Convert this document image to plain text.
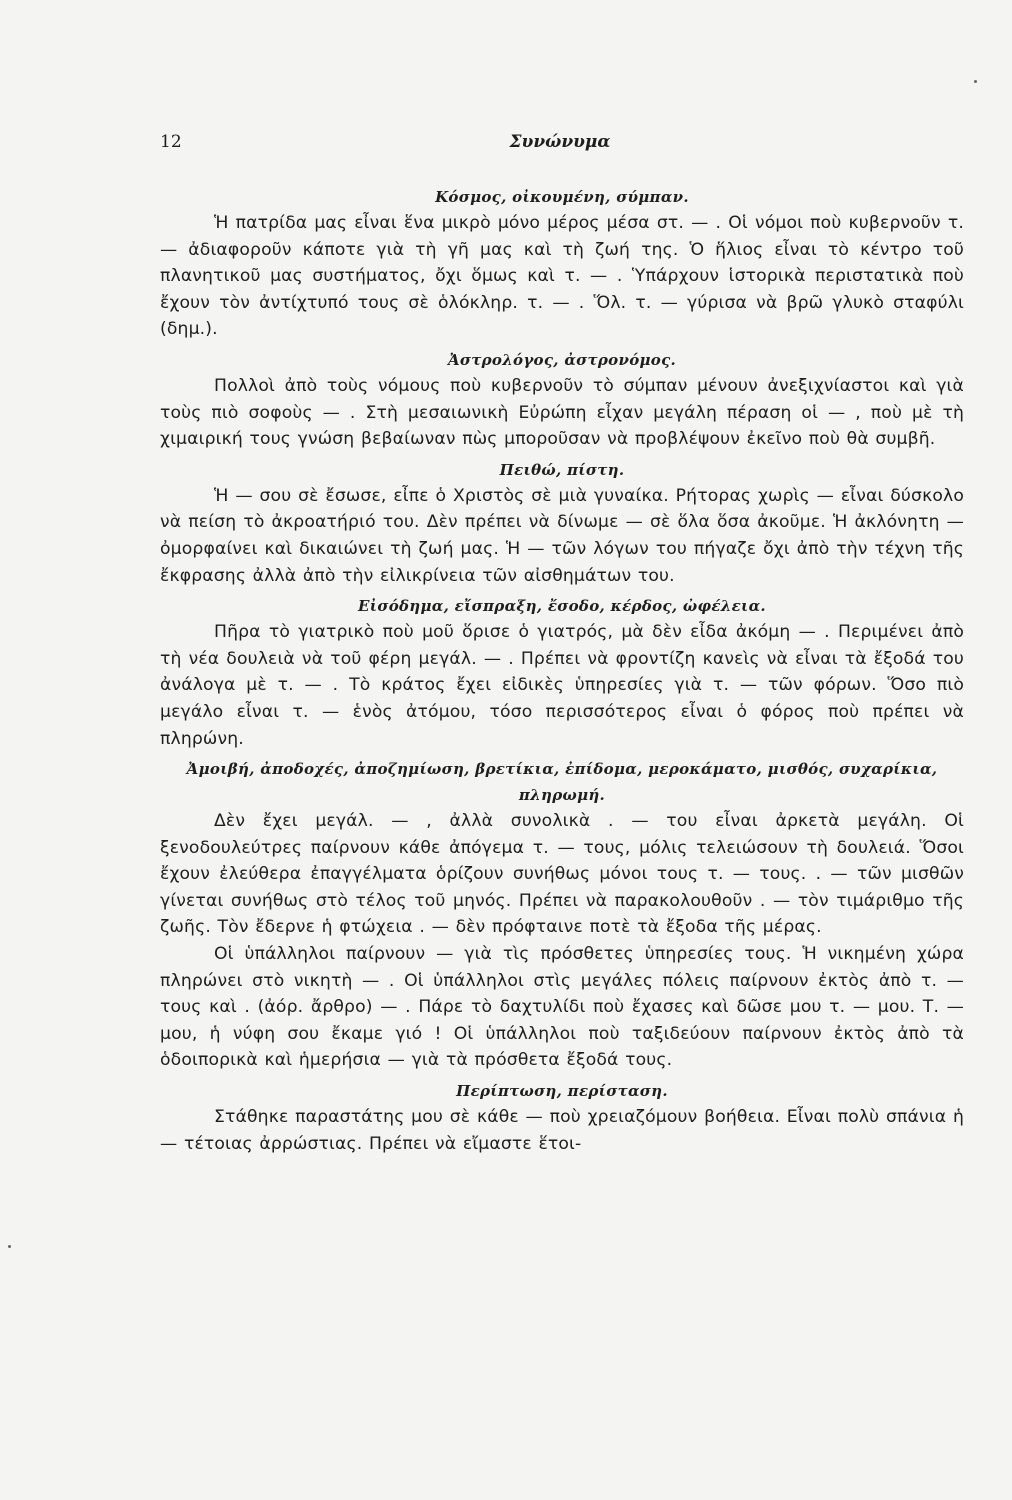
12	Συνώνυμα
Κόσμος, οἰκουμένη, σύμπαν.

Ἡ πατρίδα μας εἶναι ἕνα μικρὸ μόνο μέρος μέσα στ. — . Οἱ νόμοι ποὺ κυβερνοῦν τ. — ἀδιαφοροῦν κάποτε γιὰ τὴ γῆ μας καὶ τὴ ζωή της. Ὁ ἥλιος εἶναι τὸ κέντρο τοῦ πλανητικοῦ μας συστήματος, ὄχι ὅμως καὶ τ. — . Ὑπάρχουν ἱστορικὰ περιστατικὰ ποὺ ἔχουν τὸν ἀντίχτυπό τους σὲ ὁλόκληρ. τ. — . Ὅλ. τ. — γύρισα νὰ βρῶ γλυκὸ σταφύλι (δημ.).

Ἀστρολόγος, ἀστρονόμος.

Πολλοὶ ἀπὸ τοὺς νόμους ποὺ κυβερνοῦν τὸ σύμπαν μένουν ἀνεξιχνίαστοι καὶ γιὰ τοὺς πιὸ σοφοὺς — . Στὴ μεσαιωνικὴ Εὐρώπη εἶχαν μεγάλη πέραση οἱ — , ποὺ μὲ τὴ χιμαιρική τους γνώση βεβαίωναν πὼς μποροῦσαν νὰ προβλέψουν ἐκεῖνο ποὺ θὰ συμβῆ.

Πειθώ, πίστη.

Ἡ — σου σὲ ἔσωσε, εἶπε ὁ Χριστὸς σὲ μιὰ γυναίκα. Ρήτορας χωρὶς — εἶναι δύσκολο νὰ πείση τὸ ἀκροατήριό του. Δὲν πρέπει νὰ δίνωμε — σὲ ὅλα ὅσα ἀκοῦμε. Ἡ ἀκλόνητη — ὀμορφαίνει καὶ δικαιώνει τὴ ζωή μας. Ἡ — τῶν λόγων του πήγαζε ὄχι ἀπὸ τὴν τέχνη τῆς ἔκφρασης ἀλλὰ ἀπὸ τὴν εἰλικρίνεια τῶν αἰσθημάτων του.

Εἰσόδημα, εἴσπραξη, ἔσοδο, κέρδος, ὠφέλεια.

Πῆρα τὸ γιατρικὸ ποὺ μοῦ ὅρισε ὁ γιατρός, μὰ δὲν εἶδα ἀκόμη — . Περιμένει ἀπὸ τὴ νέα δουλειὰ νὰ τοῦ φέρη μεγάλ. — . Πρέπει νὰ φροντίζη κανεὶς νὰ εἶναι τὰ ἔξοδά του ἀνάλογα μὲ τ. — . Τὸ κράτος ἔχει εἰδικὲς ὑπηρεσίες γιὰ τ. — τῶν φόρων. Ὅσο πιὸ μεγάλο εἶναι τ. — ἑνὸς ἀτόμου, τόσο περισσότερος εἶναι ὁ φόρος ποὺ πρέπει νὰ πληρώνη.

Ἀμοιβή, ἀποδοχές, ἀποζημίωση, βρετίκια, ἐπίδομα, μεροκάματο, μισθός, συχαρίκια, πληρωμή.

Δὲν ἔχει μεγάλ. — , ἀλλὰ συνολικὰ . — του εἶναι ἀρκετὰ μεγάλη. Οἱ ξενοδουλεύτρες παίρνουν κάθε ἀπόγεμα τ. — τους, μόλις τελειώσουν τὴ δουλειά. Ὅσοι ἔχουν ἐλεύθερα ἐπαγγέλματα ὁρίζουν συνήθως μόνοι τους τ. — τους. . — τῶν μισθῶν γίνεται συνήθως στὸ τέλος τοῦ μηνός. Πρέπει νὰ παρακολουθοῦν . — τὸν τιμάριθμο τῆς ζωῆς. Τὸν ἔδερνε ἡ φτώχεια . — δὲν πρόφταινε ποτὲ τὰ ἔξοδα τῆς μέρας.

Οἱ ὑπάλληλοι παίρνουν — γιὰ τὶς πρόσθετες ὑπηρεσίες τους. Ἡ νικημένη χώρα πληρώνει στὸ νικητὴ — . Οἱ ὑπάλληλοι στὶς μεγάλες πόλεις παίρνουν ἐκτὸς ἀπὸ τ. — τους καὶ . (ἀόρ. ἄρθρο) — . Πάρε τὸ δαχτυλίδι ποὺ ἔχασες καὶ δῶσε μου τ. — μου. Τ. — μου, ἡ νύφη σου ἔκαμε γιό ! Οἱ ὑπάλληλοι ποὺ ταξιδεύουν παίρνουν ἐκτὸς ἀπὸ τὰ ὁδοιπορικὰ καὶ ἡμερήσια — γιὰ τὰ πρόσθετα ἔξοδά τους.

Περίπτωση, περίσταση.

Στάθηκε παραστάτης μου σὲ κάθε — ποὺ χρειαζόμουν βοήθεια. Εἶναι πολὺ σπάνια ἡ — τέτοιας ἀρρώστιας. Πρέπει νὰ εἴμαστε ἕτοι-
